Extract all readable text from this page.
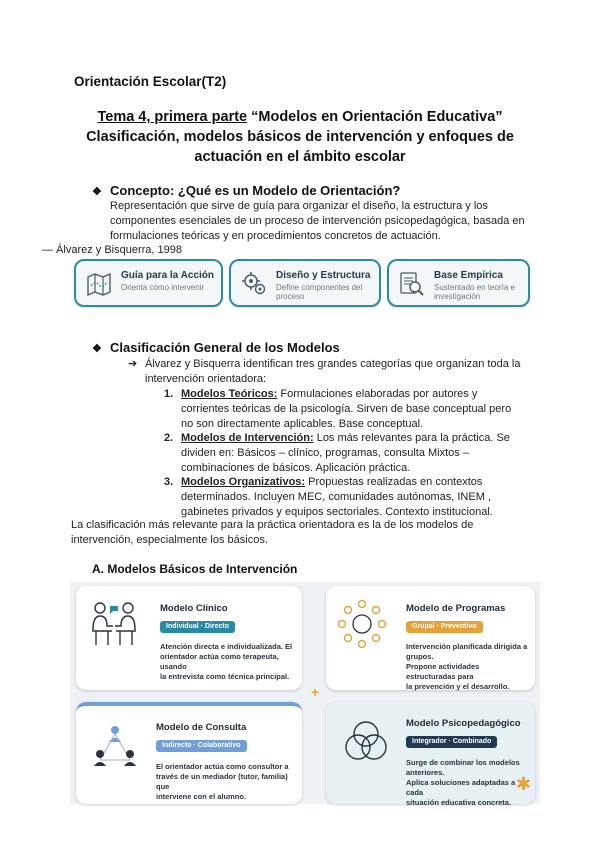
Orientación Escolar(T2)
Tema 4, primera parte “Modelos en Orientación Educativa”
Clasificación, modelos básicos de intervención y enfoques de
actuación en el ámbito escolar
❖ Concepto: ¿Qué es un Modelo de Orientación?
Representación que sirve de guía para organizar el diseño, la estructura y los
componentes esenciales de un proceso de intervención psicopedagógica, basada en
formulaciones teóricas y en procedimientos concretos de actuación.
— Álvarez y Bisquerra, 1998
Guía para la Acción
Orienta cómo intervenir
Diseño y Estructura
Define componentes del
proceso
Base Empírica
Sustentado en teoría e
investigación
❖ Clasificación General de los Modelos
➔ Álvarez y Bisquerra identifican tres grandes categorías que organizan toda la
intervención orientadora:
1. Modelos Teóricos: Formulaciones elaboradas por autores y
corrientes teóricas de la psicología. Sirven de base conceptual pero
no son directamente aplicables. Base conceptual.
2. Modelos de Intervención: Los más relevantes para la práctica. Se
dividen en: Básicos – clínico, programas, consulta Mixtos –
combinaciones de básicos. Aplicación práctica.
3. Modelos Organizativos: Propuestas realizadas en contextos
determinados. Incluyen MEC, comunidades autónomas, INEM ,
gabinetes privados y equipos sectoriales. Contexto institucional.
La clasificación más relevante para la práctica orientadora es la de los modelos de
intervención, especialmente los básicos.
A. Modelos Básicos de Intervención
Modelo Clínico
Individual · Directo
Atención directa e individualizada. El
orientador actúa como terapeuta, usando
la entrevista como técnica principal.
Modelo de Programas
Grupal · Preventivo
Intervención planificada dirigida a grupos.
Propone actividades estructuradas para
la prevención y el desarrollo.
+
Modelo de Consulta
Indirecto · Colaborativo
El orientador actúa como consultor a
través de un mediador (tutor, familia) que
interviene con el alumno.
Modelo Psicopedagógico
Integrador · Combinado
Surge de combinar los modelos anteriores.
Aplica soluciones adaptadas a cada
situación educativa concreta.
✱
